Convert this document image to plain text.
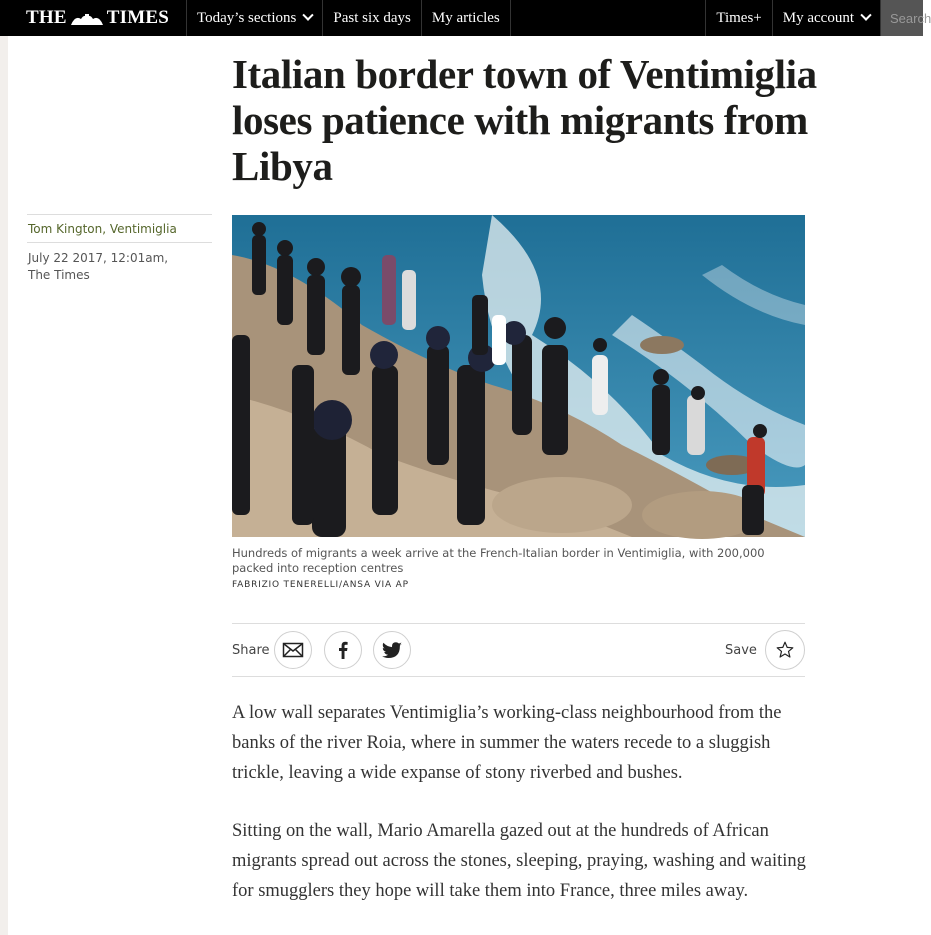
THE TIMES Today’s sections Past six days My articles	Times+ My account	Search
Italian border town of Ventimiglia loses patience with migrants from Libya
Tom Kington, Ventimiglia
July 22 2017, 12:01am,
The Times
Hundreds of migrants a week arrive at the French-Italian border in Ventimiglia, with 200,000 packed into reception centres
FABRIZIO TENERELLI/ANSA VIA AP
Share	Save

A low wall separates Ventimiglia’s working-class neighbourhood from the banks of the river Roia, where in summer the waters recede to a sluggish trickle, leaving a wide expanse of stony riverbed and bushes.

Sitting on the wall, Mario Amarella gazed out at the hundreds of African migrants spread out across the stones, sleeping, praying, washing and waiting for smugglers they hope will take them into France, three miles away.
